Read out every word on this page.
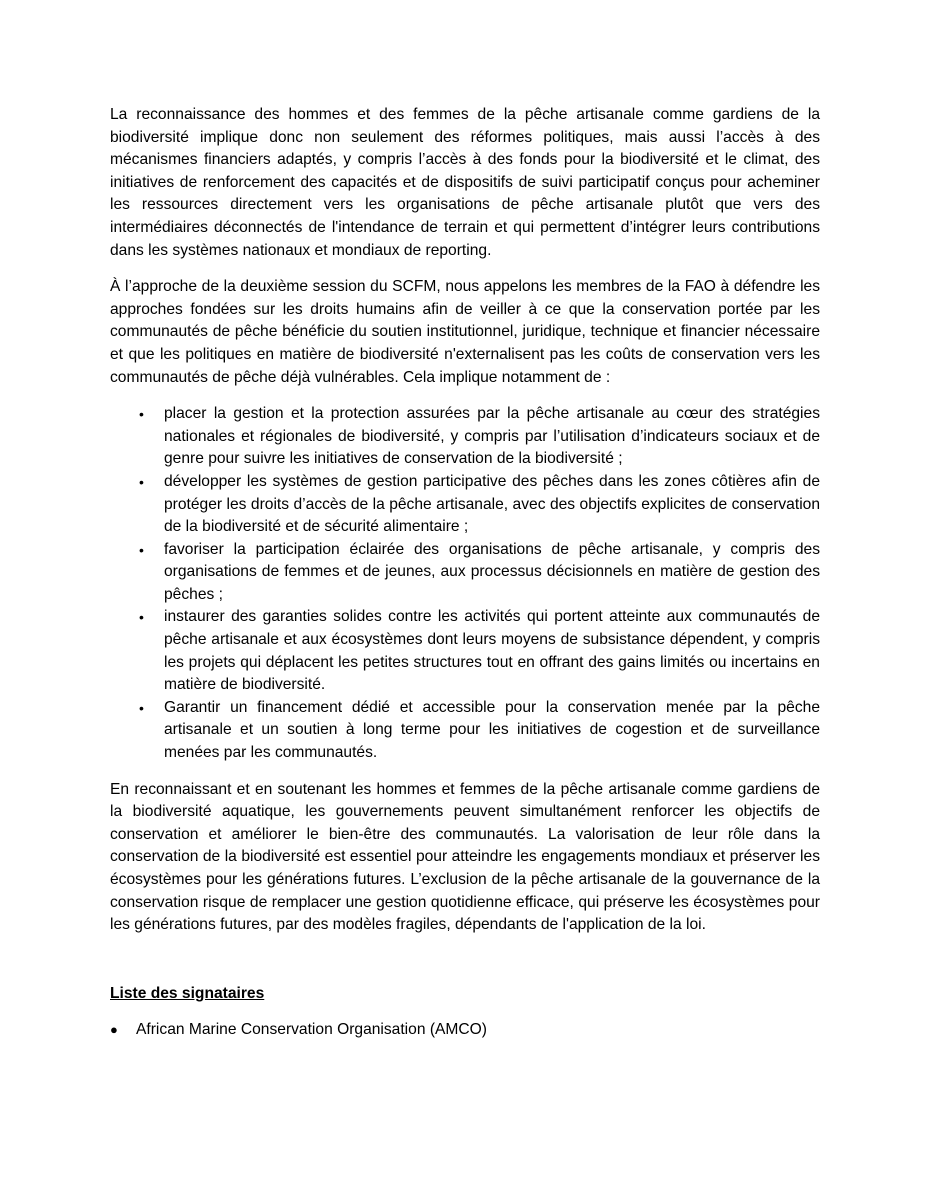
La reconnaissance des hommes et des femmes de la pêche artisanale comme gardiens de la biodiversité implique donc non seulement des réformes politiques, mais aussi l’accès à des mécanismes financiers adaptés, y compris l’accès à des fonds pour la biodiversité et le climat, des initiatives de renforcement des capacités et de dispositifs de suivi participatif conçus pour acheminer les ressources directement vers les organisations de pêche artisanale plutôt que vers des intermédiaires déconnectés de l'intendance de terrain et qui permettent d’intégrer leurs contributions dans les systèmes nationaux et mondiaux de reporting.

À l’approche de la deuxième session du SCFM, nous appelons les membres de la FAO à défendre les approches fondées sur les droits humains afin de veiller à ce que la conservation portée par les communautés de pêche bénéficie du soutien institutionnel, juridique, technique et financier nécessaire et que les politiques en matière de biodiversité n'externalisent pas les coûts de conservation vers les communautés de pêche déjà vulnérables. Cela implique notamment de :

• placer la gestion et la protection assurées par la pêche artisanale au cœur des stratégies nationales et régionales de biodiversité, y compris par l’utilisation d’indicateurs sociaux et de genre pour suivre les initiatives de conservation de la biodiversité ;
• développer les systèmes de gestion participative des pêches dans les zones côtières afin de protéger les droits d’accès de la pêche artisanale, avec des objectifs explicites de conservation de la biodiversité et de sécurité alimentaire ;
• favoriser la participation éclairée des organisations de pêche artisanale, y compris des organisations de femmes et de jeunes, aux processus décisionnels en matière de gestion des pêches ;
• instaurer des garanties solides contre les activités qui portent atteinte aux communautés de pêche artisanale et aux écosystèmes dont leurs moyens de subsistance dépendent, y compris les projets qui déplacent les petites structures tout en offrant des gains limités ou incertains en matière de biodiversité.
• Garantir un financement dédié et accessible pour la conservation menée par la pêche artisanale et un soutien à long terme pour les initiatives de cogestion et de surveillance menées par les communautés.

En reconnaissant et en soutenant les hommes et femmes de la pêche artisanale comme gardiens de la biodiversité aquatique, les gouvernements peuvent simultanément renforcer les objectifs de conservation et améliorer le bien-être des communautés. La valorisation de leur rôle dans la conservation de la biodiversité est essentiel pour atteindre les engagements mondiaux et préserver les écosystèmes pour les générations futures. L’exclusion de la pêche artisanale de la gouvernance de la conservation risque de remplacer une gestion quotidienne efficace, qui préserve les écosystèmes pour les générations futures, par des modèles fragiles, dépendants de l'application de la loi.

Liste des signataires
● African Marine Conservation Organisation (AMCO)
